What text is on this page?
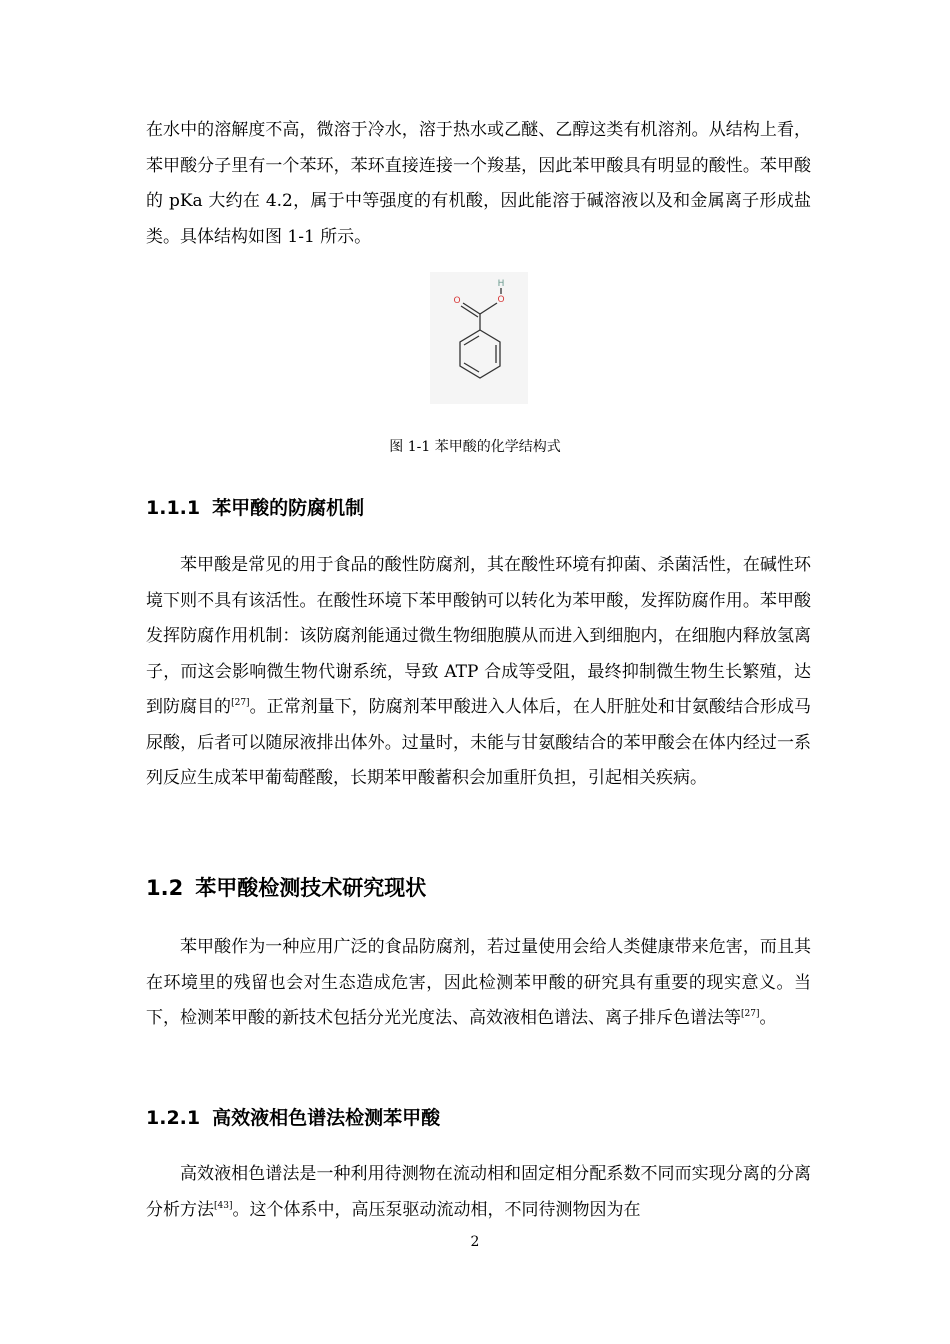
在水中的溶解度不高，微溶于冷水，溶于热水或乙醚、乙醇这类有机溶剂。从结构上看，苯甲酸分子里有一个苯环，苯环直接连接一个羧基，因此苯甲酸具有明显的酸性。苯甲酸的 pKa 大约在 4.2，属于中等强度的有机酸，因此能溶于碱溶液以及和金属离子形成盐类。具体结构如图 1-1 所示。

O
H
O
图 1-1 苯甲酸的化学结构式
1.1.1 苯甲酸的防腐机制

苯甲酸是常见的用于食品的酸性防腐剂，其在酸性环境有抑菌、杀菌活性，在碱性环境下则不具有该活性。在酸性环境下苯甲酸钠可以转化为苯甲酸，发挥防腐作用。苯甲酸发挥防腐作用机制：该防腐剂能通过微生物细胞膜从而进入到细胞内，在细胞内释放氢离子，而这会影响微生物代谢系统，导致 ATP 合成等受阻，最终抑制微生物生长繁殖，达到防腐目的[27]。正常剂量下，防腐剂苯甲酸进入人体后，在人肝脏处和甘氨酸结合形成马尿酸，后者可以随尿液排出体外。过量时，未能与甘氨酸结合的苯甲酸会在体内经过一系列反应生成苯甲葡萄醛酸，长期苯甲酸蓄积会加重肝负担，引起相关疾病。

1.2 苯甲酸检测技术研究现状

苯甲酸作为一种应用广泛的食品防腐剂，若过量使用会给人类健康带来危害，而且其在环境里的残留也会对生态造成危害，因此检测苯甲酸的研究具有重要的现实意义。当下，检测苯甲酸的新技术包括分光光度法、高效液相色谱法、离子排斥色谱法等[27]。

1.2.1 高效液相色谱法检测苯甲酸

高效液相色谱法是一种利用待测物在流动相和固定相分配系数不同而实现分离的分离分析方法[43]。这个体系中，高压泵驱动流动相，不同待测物因为在

2
